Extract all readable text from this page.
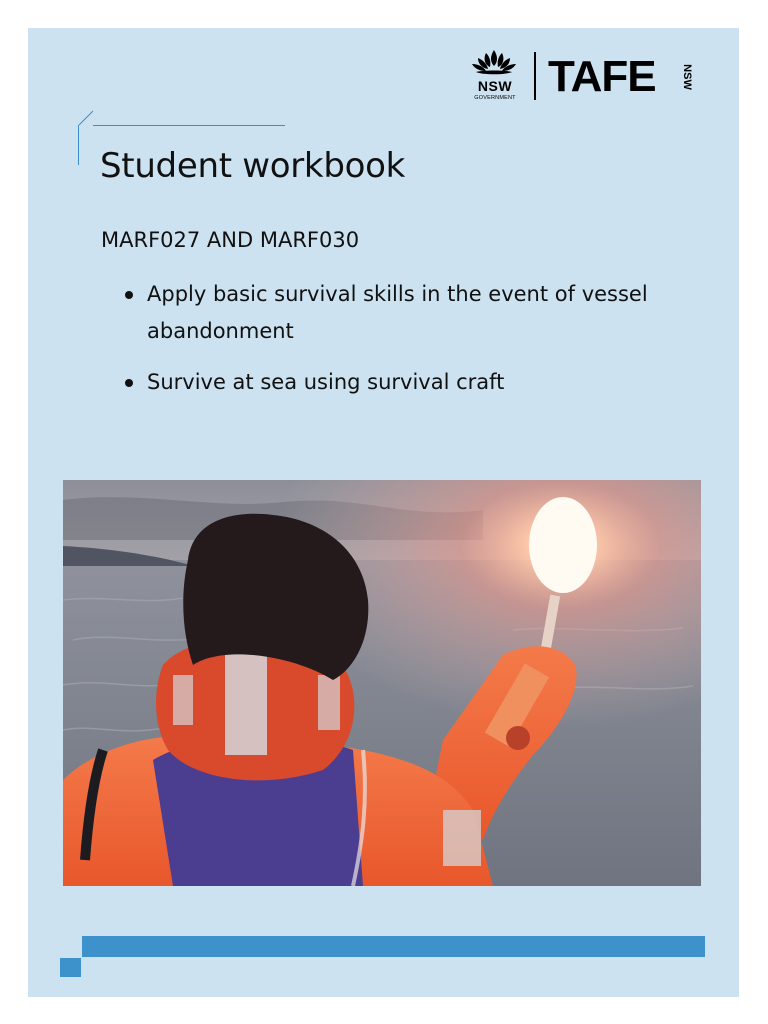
NSW
GOVERNMENT TAFE NSW
Student workbook
MARF027 AND MARF030
Apply basic survival skills in the event of vessel abandonment
Survive at sea using survival craft
